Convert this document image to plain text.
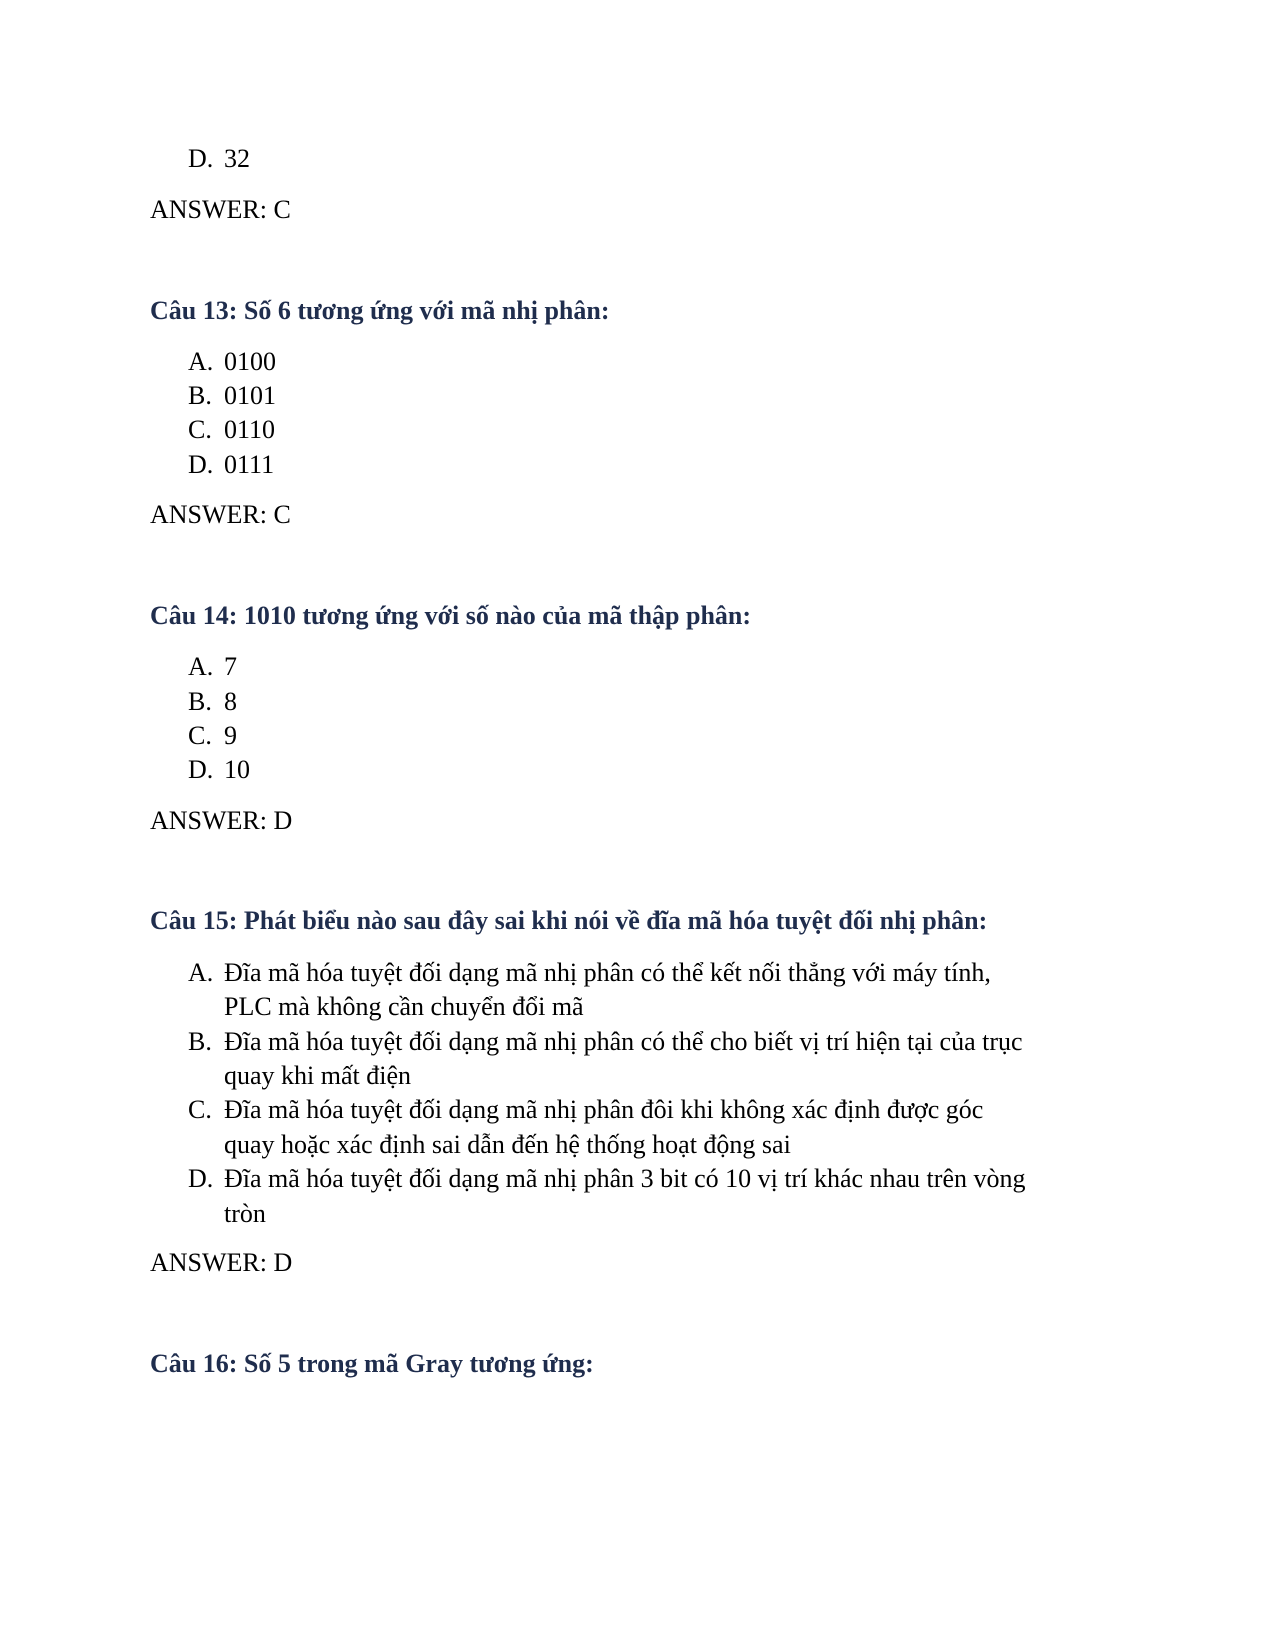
D. 32
ANSWER: C
Câu 13: Số 6 tương ứng với mã nhị phân:
A. 0100
B. 0101
C. 0110
D. 0111
ANSWER: C
Câu 14: 1010 tương ứng với số nào của mã thập phân:
A. 7
B. 8
C. 9
D. 10
ANSWER: D
Câu 15: Phát biểu nào sau đây sai khi nói về đĩa mã hóa tuyệt đối nhị phân:
A. Đĩa mã hóa tuyệt đối dạng mã nhị phân có thể kết nối thẳng với máy tính,
PLC mà không cần chuyển đổi mã
B. Đĩa mã hóa tuyệt đối dạng mã nhị phân có thể cho biết vị trí hiện tại của trục
quay khi mất điện
C. Đĩa mã hóa tuyệt đối dạng mã nhị phân đôi khi không xác định được góc
quay hoặc xác định sai dẫn đến hệ thống hoạt động sai
D. Đĩa mã hóa tuyệt đối dạng mã nhị phân 3 bit có 10 vị trí khác nhau trên vòng
tròn
ANSWER: D
Câu 16: Số 5 trong mã Gray tương ứng:
